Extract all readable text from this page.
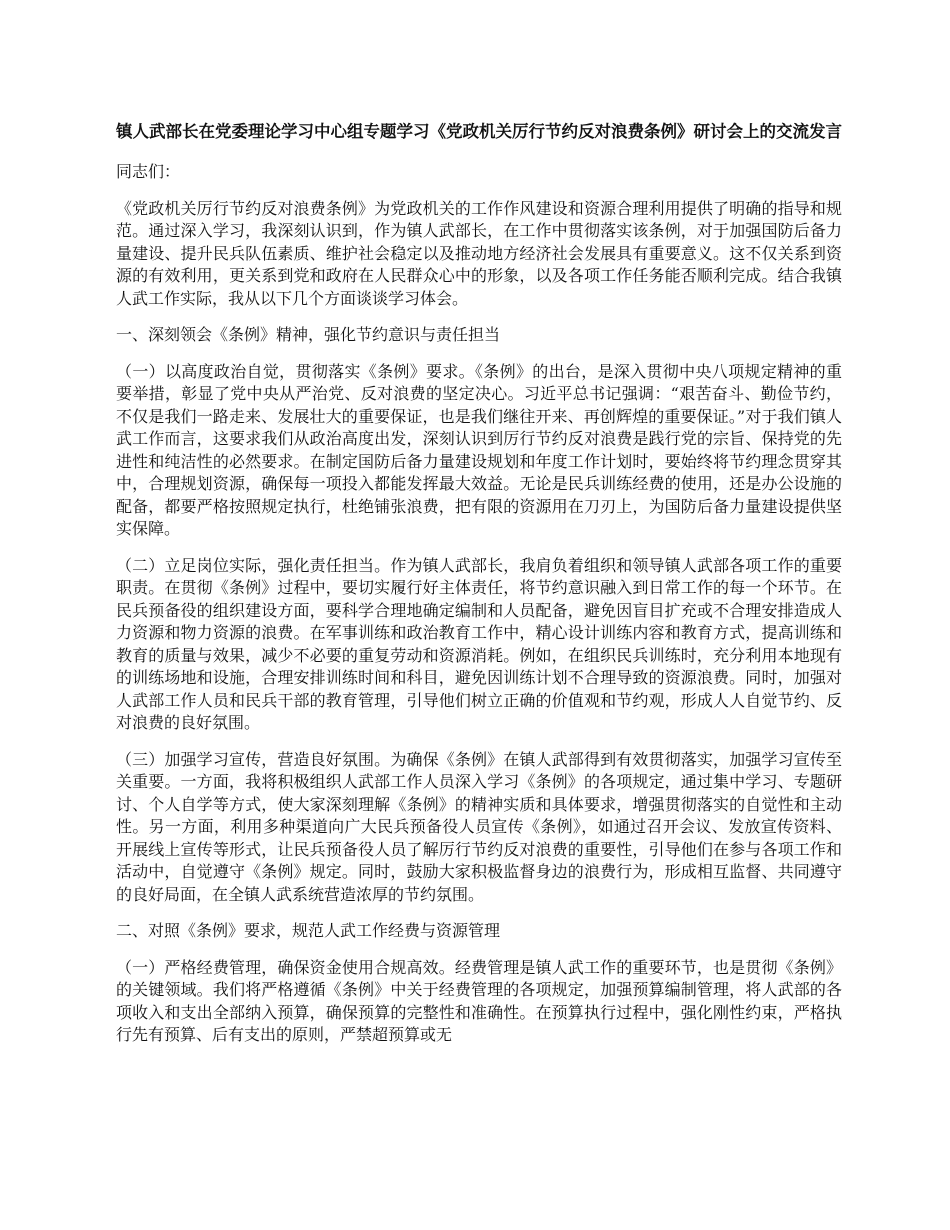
镇人武部长在党委理论学习中心组专题学习《党政机关厉行节约反对浪费条例》研讨会上的交流发言

同志们：

《党政机关厉行节约反对浪费条例》为党政机关的工作作风建设和资源合理利用提供了明确的指导和规范。通过深入学习，我深刻认识到，作为镇人武部长，在工作中贯彻落实该条例，对于加强国防后备力量建设、提升民兵队伍素质、维护社会稳定以及推动地方经济社会发展具有重要意义。这不仅关系到资源的有效利用，更关系到党和政府在人民群众心中的形象，以及各项工作任务能否顺利完成。结合我镇人武工作实际，我从以下几个方面谈谈学习体会。

一、深刻领会《条例》精神，强化节约意识与责任担当

（一）以高度政治自觉，贯彻落实《条例》要求。《条例》的出台，是深入贯彻中央八项规定精神的重要举措，彰显了党中央从严治党、反对浪费的坚定决心。习近平总书记强调：“艰苦奋斗、勤俭节约，不仅是我们一路走来、发展壮大的重要保证，也是我们继往开来、再创辉煌的重要保证。”对于我们镇人武工作而言，这要求我们从政治高度出发，深刻认识到厉行节约反对浪费是践行党的宗旨、保持党的先进性和纯洁性的必然要求。在制定国防后备力量建设规划和年度工作计划时，要始终将节约理念贯穿其中，合理规划资源，确保每一项投入都能发挥最大效益。无论是民兵训练经费的使用，还是办公设施的配备，都要严格按照规定执行，杜绝铺张浪费，把有限的资源用在刀刃上，为国防后备力量建设提供坚实保障。

（二）立足岗位实际，强化责任担当。作为镇人武部长，我肩负着组织和领导镇人武部各项工作的重要职责。在贯彻《条例》过程中，要切实履行好主体责任，将节约意识融入到日常工作的每一个环节。在民兵预备役的组织建设方面，要科学合理地确定编制和人员配备，避免因盲目扩充或不合理安排造成人力资源和物力资源的浪费。在军事训练和政治教育工作中，精心设计训练内容和教育方式，提高训练和教育的质量与效果，减少不必要的重复劳动和资源消耗。例如，在组织民兵训练时，充分利用本地现有的训练场地和设施，合理安排训练时间和科目，避免因训练计划不合理导致的资源浪费。同时，加强对人武部工作人员和民兵干部的教育管理，引导他们树立正确的价值观和节约观，形成人人自觉节约、反对浪费的良好氛围。

（三）加强学习宣传，营造良好氛围。为确保《条例》在镇人武部得到有效贯彻落实，加强学习宣传至关重要。一方面，我将积极组织人武部工作人员深入学习《条例》的各项规定，通过集中学习、专题研讨、个人自学等方式，使大家深刻理解《条例》的精神实质和具体要求，增强贯彻落实的自觉性和主动性。另一方面，利用多种渠道向广大民兵预备役人员宣传《条例》，如通过召开会议、发放宣传资料、开展线上宣传等形式，让民兵预备役人员了解厉行节约反对浪费的重要性，引导他们在参与各项工作和活动中，自觉遵守《条例》规定。同时，鼓励大家积极监督身边的浪费行为，形成相互监督、共同遵守的良好局面，在全镇人武系统营造浓厚的节约氛围。

二、对照《条例》要求，规范人武工作经费与资源管理

（一）严格经费管理，确保资金使用合规高效。经费管理是镇人武工作的重要环节，也是贯彻《条例》的关键领域。我们将严格遵循《条例》中关于经费管理的各项规定，加强预算编制管理，将人武部的各项收入和支出全部纳入预算，确保预算的完整性和准确性。在预算执行过程中，强化刚性约束，严格执行先有预算、后有支出的原则，严禁超预算或无
